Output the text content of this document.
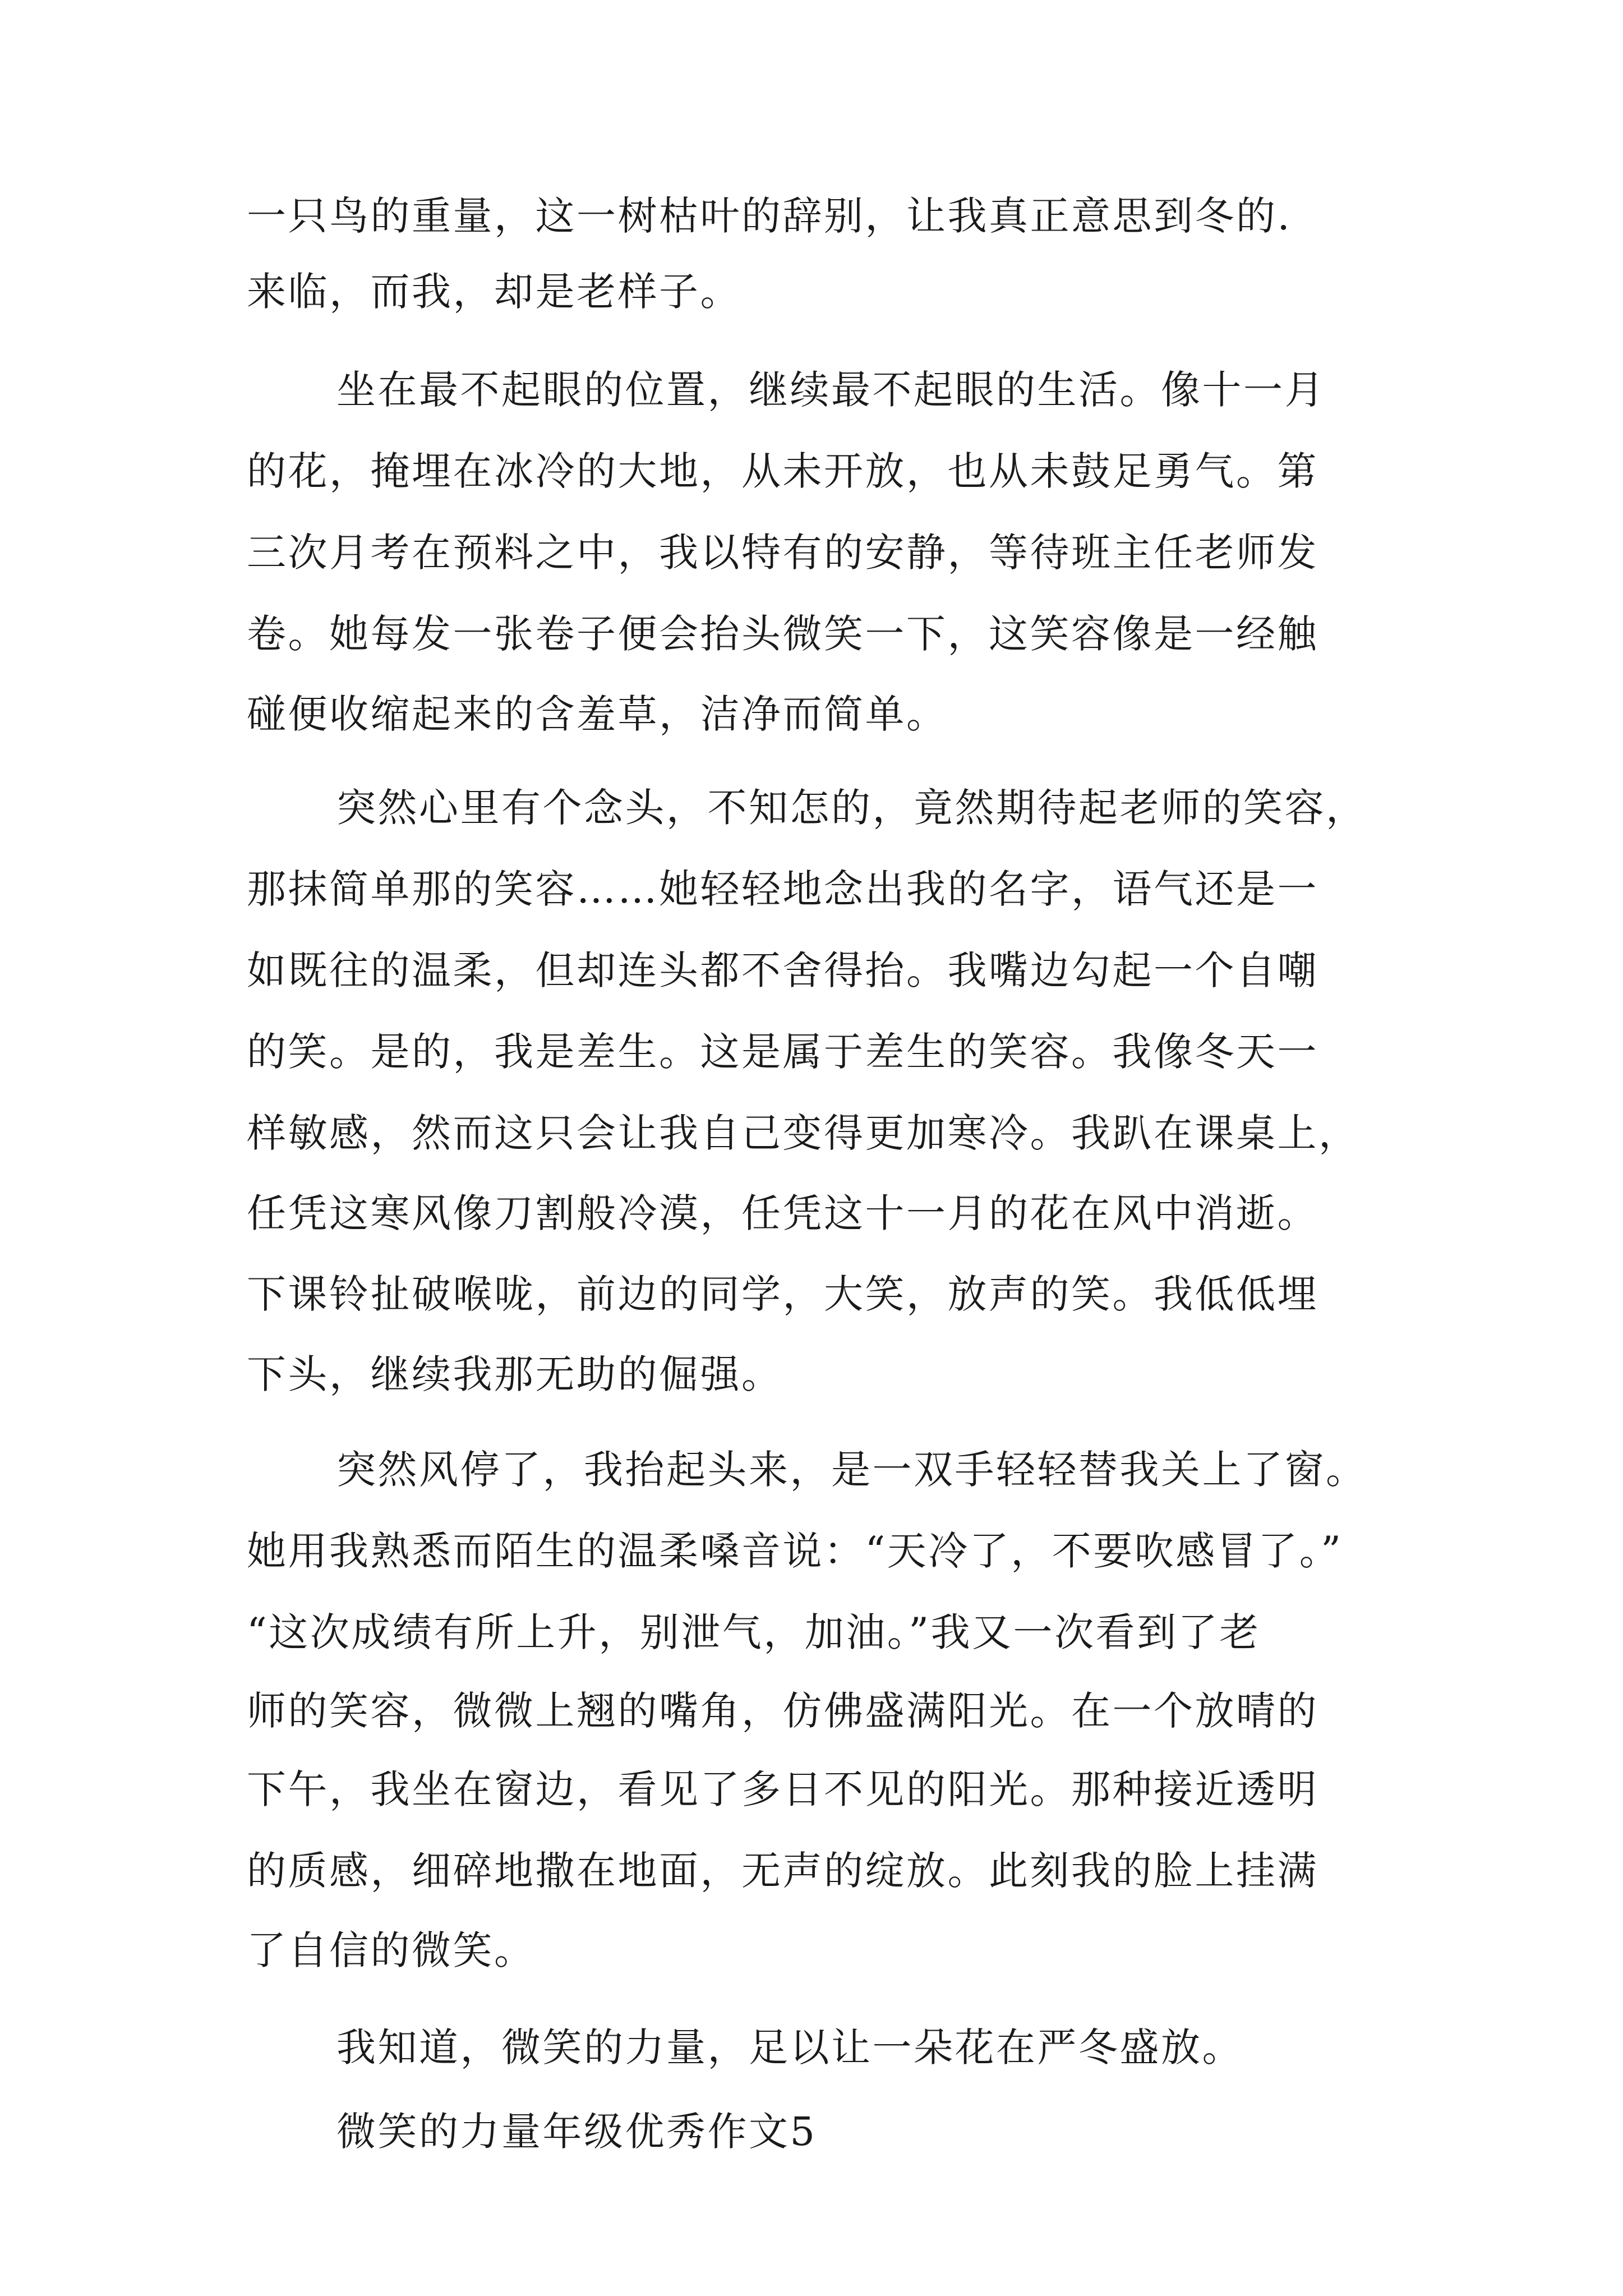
一只鸟的重量，这一树枯叶的辞别，让我真正意思到冬的.
来临，而我，却是老样子。
坐在最不起眼的位置，继续最不起眼的生活。像十一月
的花，掩埋在冰冷的大地，从未开放，也从未鼓足勇气。第
三次月考在预料之中，我以特有的安静，等待班主任老师发
卷。她每发一张卷子便会抬头微笑一下，这笑容像是一经触
碰便收缩起来的含羞草，洁净而简单。
突然心里有个念头，不知怎的，竟然期待起老师的笑容，
那抹简单那的笑容……她轻轻地念出我的名字，语气还是一
如既往的温柔，但却连头都不舍得抬。我嘴边勾起一个自嘲
的笑。是的，我是差生。这是属于差生的笑容。我像冬天一
样敏感，然而这只会让我自己变得更加寒冷。我趴在课桌上，
任凭这寒风像刀割般冷漠，任凭这十一月的花在风中消逝。
下课铃扯破喉咙，前边的同学，大笑，放声的笑。我低低埋
下头，继续我那无助的倔强。
突然风停了，我抬起头来，是一双手轻轻替我关上了窗。
她用我熟悉而陌生的温柔嗓音说：“天冷了，不要吹感冒了。”
“这次成绩有所上升，别泄气，加油。”我又一次看到了老
师的笑容，微微上翘的嘴角，仿佛盛满阳光。在一个放晴的
下午，我坐在窗边，看见了多日不见的阳光。那种接近透明
的质感，细碎地撒在地面，无声的绽放。此刻我的脸上挂满
了自信的微笑。
我知道，微笑的力量，足以让一朵花在严冬盛放。
微笑的力量年级优秀作文5
